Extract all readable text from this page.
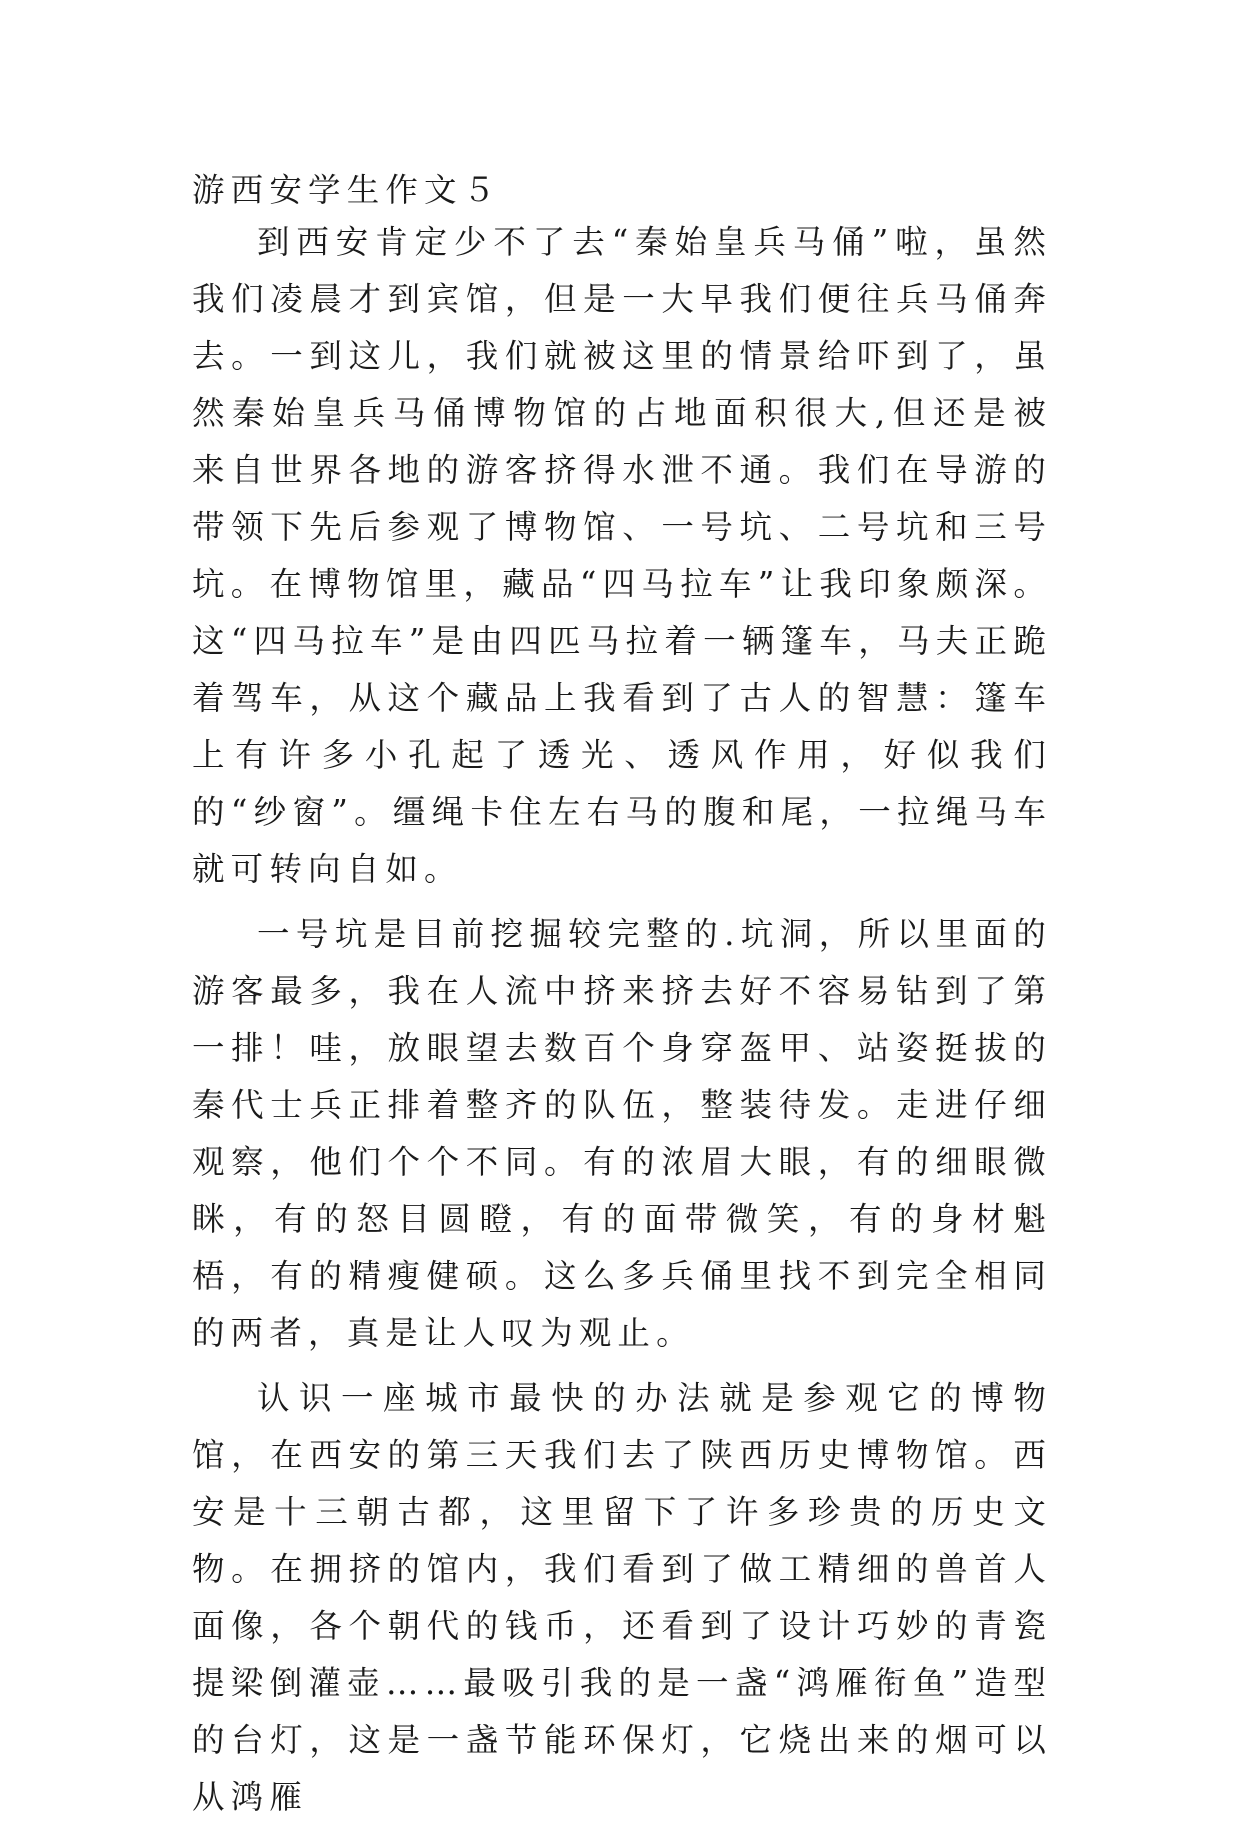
游西安学生作文５

到西安肯定少不了去“秦始皇兵马俑”啦，虽然我们凌晨才到宾馆，但是一大早我们便往兵马俑奔去。一到这儿，我们就被这里的情景给吓到了，虽然秦始皇兵马俑博物馆的占地面积很大,但还是被来自世界各地的游客挤得水泄不通。我们在导游的带领下先后参观了博物馆、一号坑、二号坑和三号坑。在博物馆里，藏品“四马拉车”让我印象颇深。这“四马拉车”是由四匹马拉着一辆篷车，马夫正跪着驾车，从这个藏品上我看到了古人的智慧：篷车上有许多小孔起了透光、透风作用，好似我们的“纱窗”。缰绳卡住左右马的腹和尾，一拉绳马车就可转向自如。

一号坑是目前挖掘较完整的.坑洞，所以里面的游客最多，我在人流中挤来挤去好不容易钻到了第一排！哇，放眼望去数百个身穿盔甲、站姿挺拔的秦代士兵正排着整齐的队伍，整装待发。走进仔细观察，他们个个不同。有的浓眉大眼，有的细眼微眯，有的怒目圆瞪，有的面带微笑，有的身材魁梧，有的精瘦健硕。这么多兵俑里找不到完全相同的两者，真是让人叹为观止。

认识一座城市最快的办法就是参观它的博物馆，在西安的第三天我们去了陕西历史博物馆。西安是十三朝古都，这里留下了许多珍贵的历史文物。在拥挤的馆内，我们看到了做工精细的兽首人面像，各个朝代的钱币，还看到了设计巧妙的青瓷提梁倒灌壶……最吸引我的是一盏“鸿雁衔鱼”造型的台灯，这是一盏节能环保灯，它烧出来的烟可以从鸿雁
